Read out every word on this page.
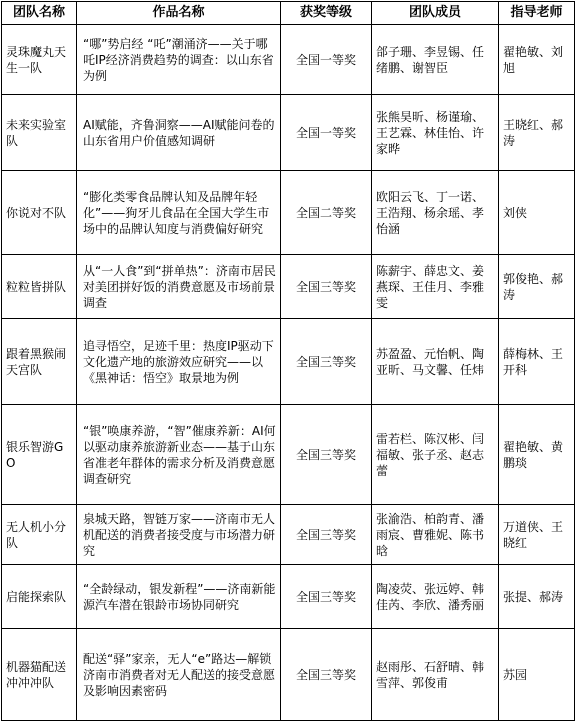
团队名称	作品名称	获奖等级	团队成员	指导老师
灵珠魔丸天生一队	“哪”势启经 “吒”潮涌济——关于哪吒IP经济消费趋势的调查：以山东省为例	全国一等奖	郃子珊、李昱锡、任绪鹏、谢智臣	翟艳敏、刘旭
未来实验室队	AI赋能，齐鲁洞察——AI赋能问卷的山东省用户价值感知调研	全国一等奖	张熊昊昕、杨谨瑜、王艺霖、林佳怡、许家晔	王晓红、郝涛
你说对不队	“膨化类零食品牌认知及品牌年轻化”——狗牙儿食品在全国大学生市场中的品牌认知度与消费偏好研究	全国二等奖	欧阳云飞、丁一诺、王浩翔、杨余瑶、孝怡涵	刘侠
粒粒皆拼队	从“一人食”到“拼单热”：济南市居民对美团拼好饭的消费意愿及市场前景调查	全国三等奖	陈薪宇、薛忠文、姜燕琛、王佳月、李雅雯	郭俊艳、郝涛
跟着黑猴闹天宫队	追寻悟空，足迹千里：热度IP驱动下文化遗产地的旅游效应研究——以《黑神话：悟空》取景地为例	全国三等奖	苏盈盈、元怡帆、陶亚昕、马文馨、任炜	薛梅林、王开科
银乐智游GO	“银”唤康养游，“智”催康养新：AI何以驱动康养旅游新业态——基于山东省准老年群体的需求分析及消费意愿调查研究	全国三等奖	雷若栏、陈汉彬、闫福敏、张子丞、赵志蕾	翟艳敏、黄鹏琰
无人机小分队	泉城天路，智链万家——济南市无人机配送的消费者接受度与市场潜力研究	全国三等奖	张渝浩、柏韵青、潘雨宸、曹雅妮、陈书晗	万道侠、王晓红
启能探索队	“全龄绿动，银发新程”——济南新能源汽车潜在银龄市场协同研究	全国三等奖	陶凌荧、张远婷、韩佳芮、李欣、潘秀丽	张提、郝涛
机器猫配送冲冲冲队	配送“驿”家亲，无人“e”路达—解锁济南市消费者对无人配送的接受意愿及影响因素密码	全国三等奖	赵雨彤、石舒晴、韩雪萍、郭俊甫	苏园
